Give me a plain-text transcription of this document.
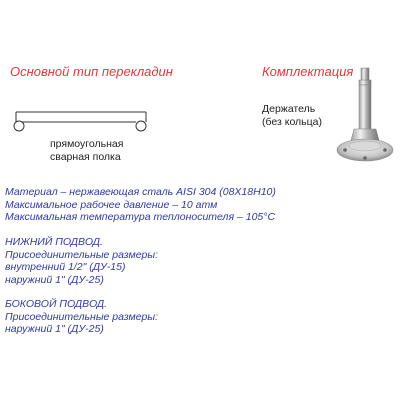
Основной тип перекладин	Комплектация
прямоугольная
сварная полка
Держатель
(без кольца)
Материал – нержавеющая сталь AISI 304 (08Х18Н10)
Максимальное рабочее давление – 10 атм
Максимальная температура теплоносителя – 105°С
НИЖНИЙ ПОДВОД.
Присоединительные размеры:
внутренний 1/2" (ДУ-15)
наружний 1" (ДУ-25)
БОКОВОЙ ПОДВОД.
Присоединительные размеры:
наружний 1" (ДУ-25)
